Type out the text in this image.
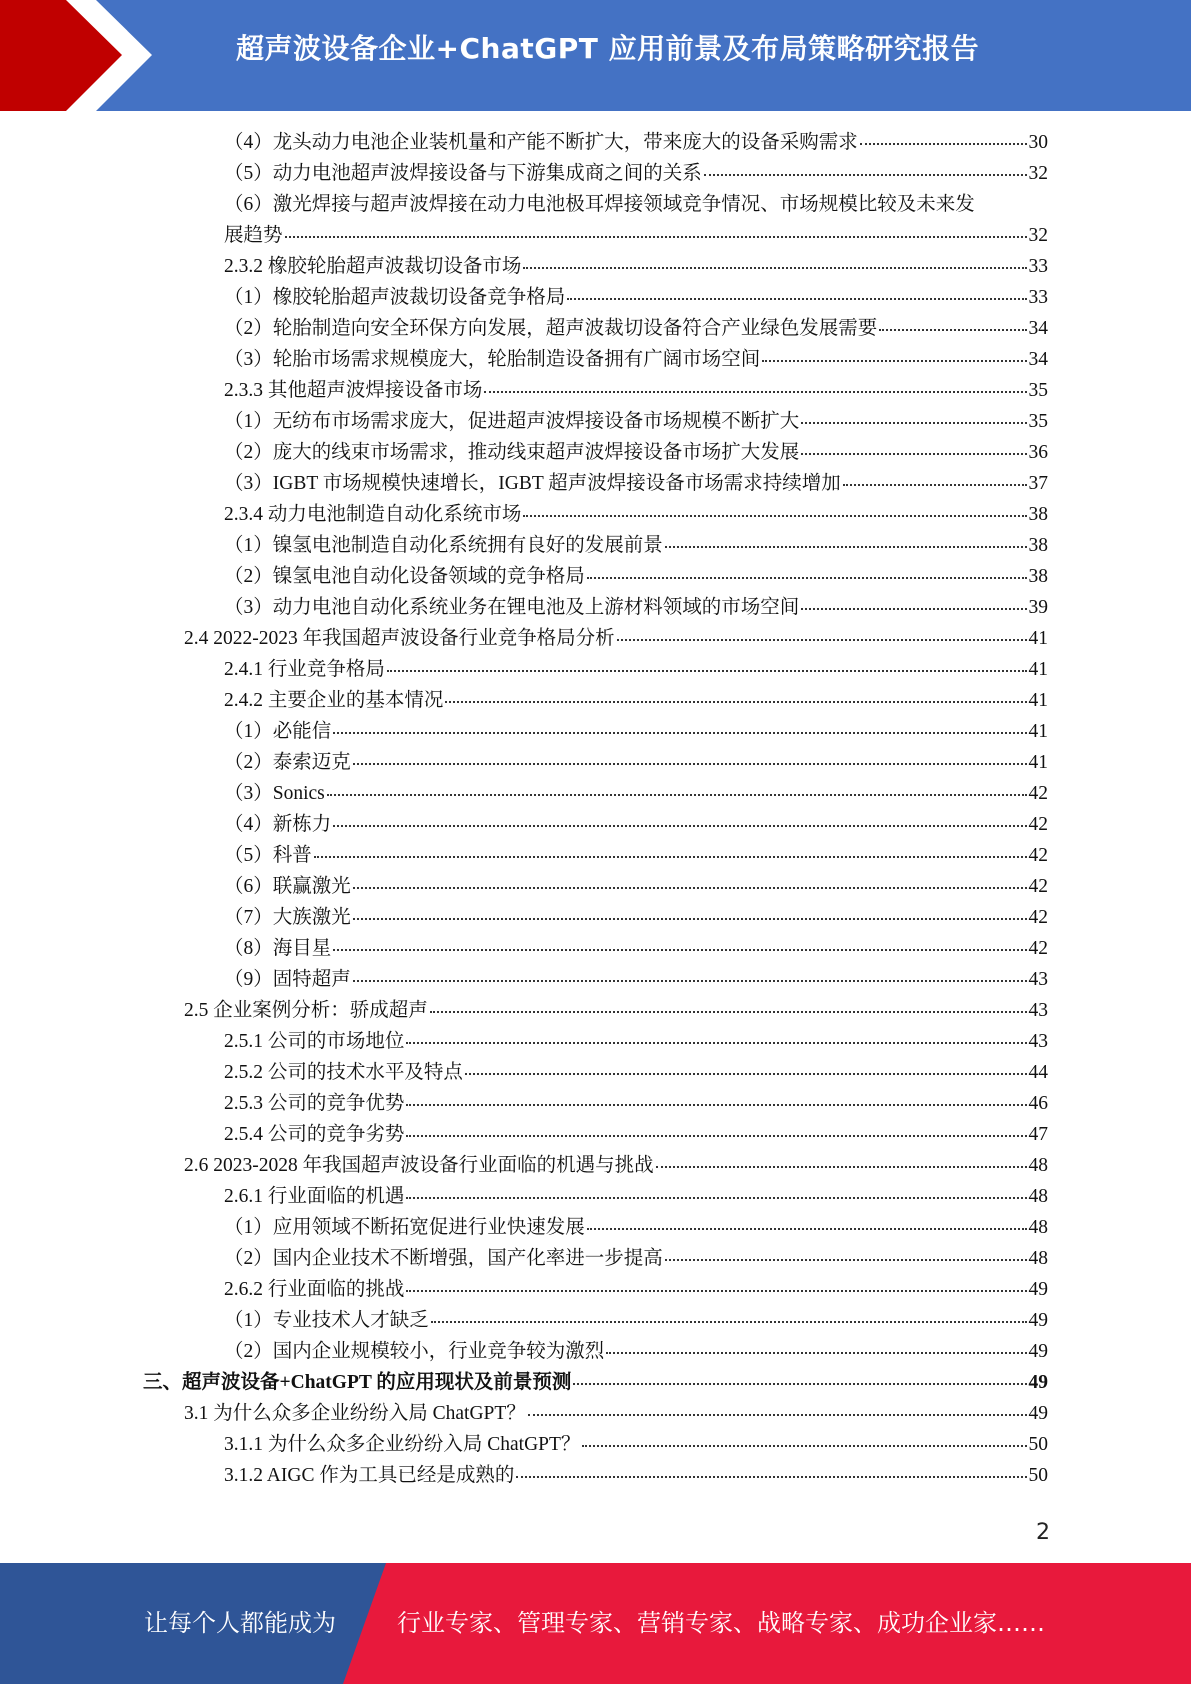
超声波设备企业+ChatGPT 应用前景及布局策略研究报告
（4）龙头动力电池企业装机量和产能不断扩大，带来庞大的设备采购需求	30
（5）动力电池超声波焊接设备与下游集成商之间的关系	32
（6）激光焊接与超声波焊接在动力电池极耳焊接领域竞争情况、市场规模比较及未来发
展趋势	32
2.3.2 橡胶轮胎超声波裁切设备市场	33
（1）橡胶轮胎超声波裁切设备竞争格局	33
（2）轮胎制造向安全环保方向发展，超声波裁切设备符合产业绿色发展需要	34
（3）轮胎市场需求规模庞大，轮胎制造设备拥有广阔市场空间	34
2.3.3 其他超声波焊接设备市场	35
（1）无纺布市场需求庞大，促进超声波焊接设备市场规模不断扩大	35
（2）庞大的线束市场需求，推动线束超声波焊接设备市场扩大发展	36
（3）IGBT 市场规模快速增长，IGBT 超声波焊接设备市场需求持续增加	37
2.3.4 动力电池制造自动化系统市场	38
（1）镍氢电池制造自动化系统拥有良好的发展前景	38
（2）镍氢电池自动化设备领域的竞争格局	38
（3）动力电池自动化系统业务在锂电池及上游材料领域的市场空间	39
2.4 2022-2023 年我国超声波设备行业竞争格局分析	41
2.4.1 行业竞争格局	41
2.4.2 主要企业的基本情况	41
（1）必能信	41
（2）泰索迈克	41
（3）Sonics	42
（4）新栋力	42
（5）科普	42
（6）联赢激光	42
（7）大族激光	42
（8）海目星	42
（9）固特超声	43
2.5 企业案例分析：骄成超声	43
2.5.1 公司的市场地位	43
2.5.2 公司的技术水平及特点	44
2.5.3 公司的竞争优势	46
2.5.4 公司的竞争劣势	47
2.6 2023-2028 年我国超声波设备行业面临的机遇与挑战	48
2.6.1 行业面临的机遇	48
（1）应用领域不断拓宽促进行业快速发展	48
（2）国内企业技术不断增强，国产化率进一步提高	48
2.6.2 行业面临的挑战	49
（1）专业技术人才缺乏	49
（2）国内企业规模较小，行业竞争较为激烈	49
三、超声波设备+ChatGPT 的应用现状及前景预测	49
3.1 为什么众多企业纷纷入局 ChatGPT？	49
3.1.1 为什么众多企业纷纷入局 ChatGPT？	50
3.1.2 AIGC 作为工具已经是成熟的	50
2
让每个人都能成为	行业专家、管理专家、营销专家、战略专家、成功企业家……
